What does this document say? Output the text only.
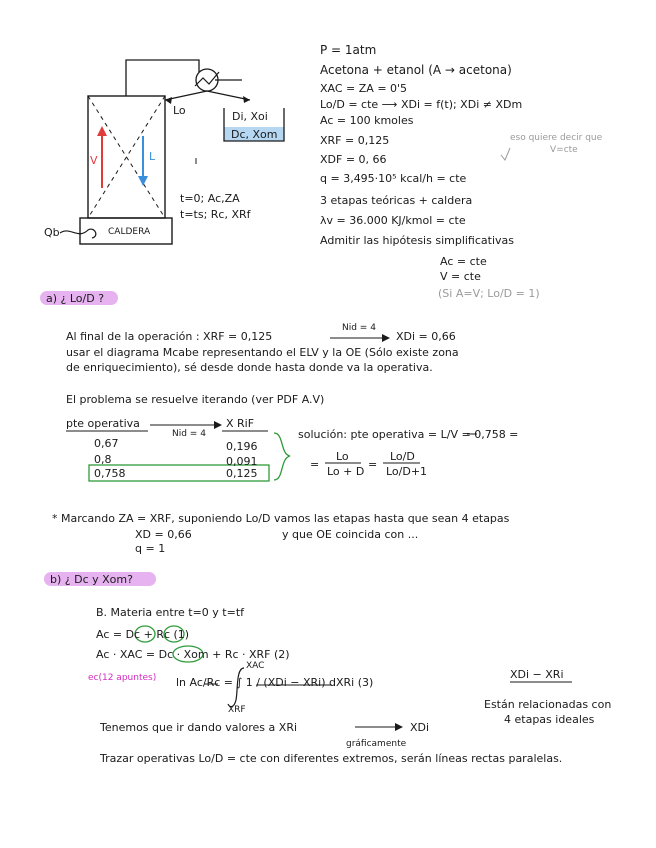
Lo	Di, Xoi
Dc, Xom
V	L
CALDERA
Qb
t=0; Ac,ZA
t=ts; Rc, XRf
P = 1atm
Acetona + etanol (A → acetona)
XAC = ZA = 0'5
Lo/D = cte ⟶ XDi = f(t); XDi ≠ XDm
Ac = 100 kmoles
XRF = 0,125
XDF = 0, 66
q = 3,495·10⁵ kcal/h = cte
3 etapas teóricas + caldera
λv = 36.000 KJ/kmol = cte
Admitir las hipótesis simplificativas
eso quiere decir que
V=cte
Ac = cte
V = cte
(Si A=V; Lo/D = 1)
a) ¿ Lo/D ?
Al final de la operación : XRF = 0,125
Nid = 4
XDi = 0,66
usar el diagrama Mcabe representando el ELV y la OE (Sólo existe zona
de enriquecimiento), sé desde donde hasta donde va la operativa.
El problema se resuelve iterando (ver PDF A.V)
pte operativa
Nid = 4
X RiF
0,67	0,196
0,8	0,091
0,758	0,125
solución: pte operativa = L/V = 0,758 =
=
Lo
Lo + D
=
Lo/D
Lo/D+1
* Marcando ZA = XRF, suponiendo Lo/D vamos las etapas hasta que sean 4 etapas
XD = 0,66
q = 1
y que OE coincida con ...
b) ¿ Dc y Xom?
B. Materia entre t=0 y t=tf
Ac = Dc + Rc (1)
Ac · XAC = Dc · Xom + Rc · XRF (2)
ec(12 apuntes) ln Ac/Rc = ∫ 1 / (XDi − XRi) dXRi (3)
XAC
XRF
XDi − XRi
Están relacionadas con
4 etapas ideales
Tenemos que ir dando valores a XRi	XDi
gráficamente
Trazar operativas Lo/D = cte con diferentes extremos, serán líneas rectas paralelas.
